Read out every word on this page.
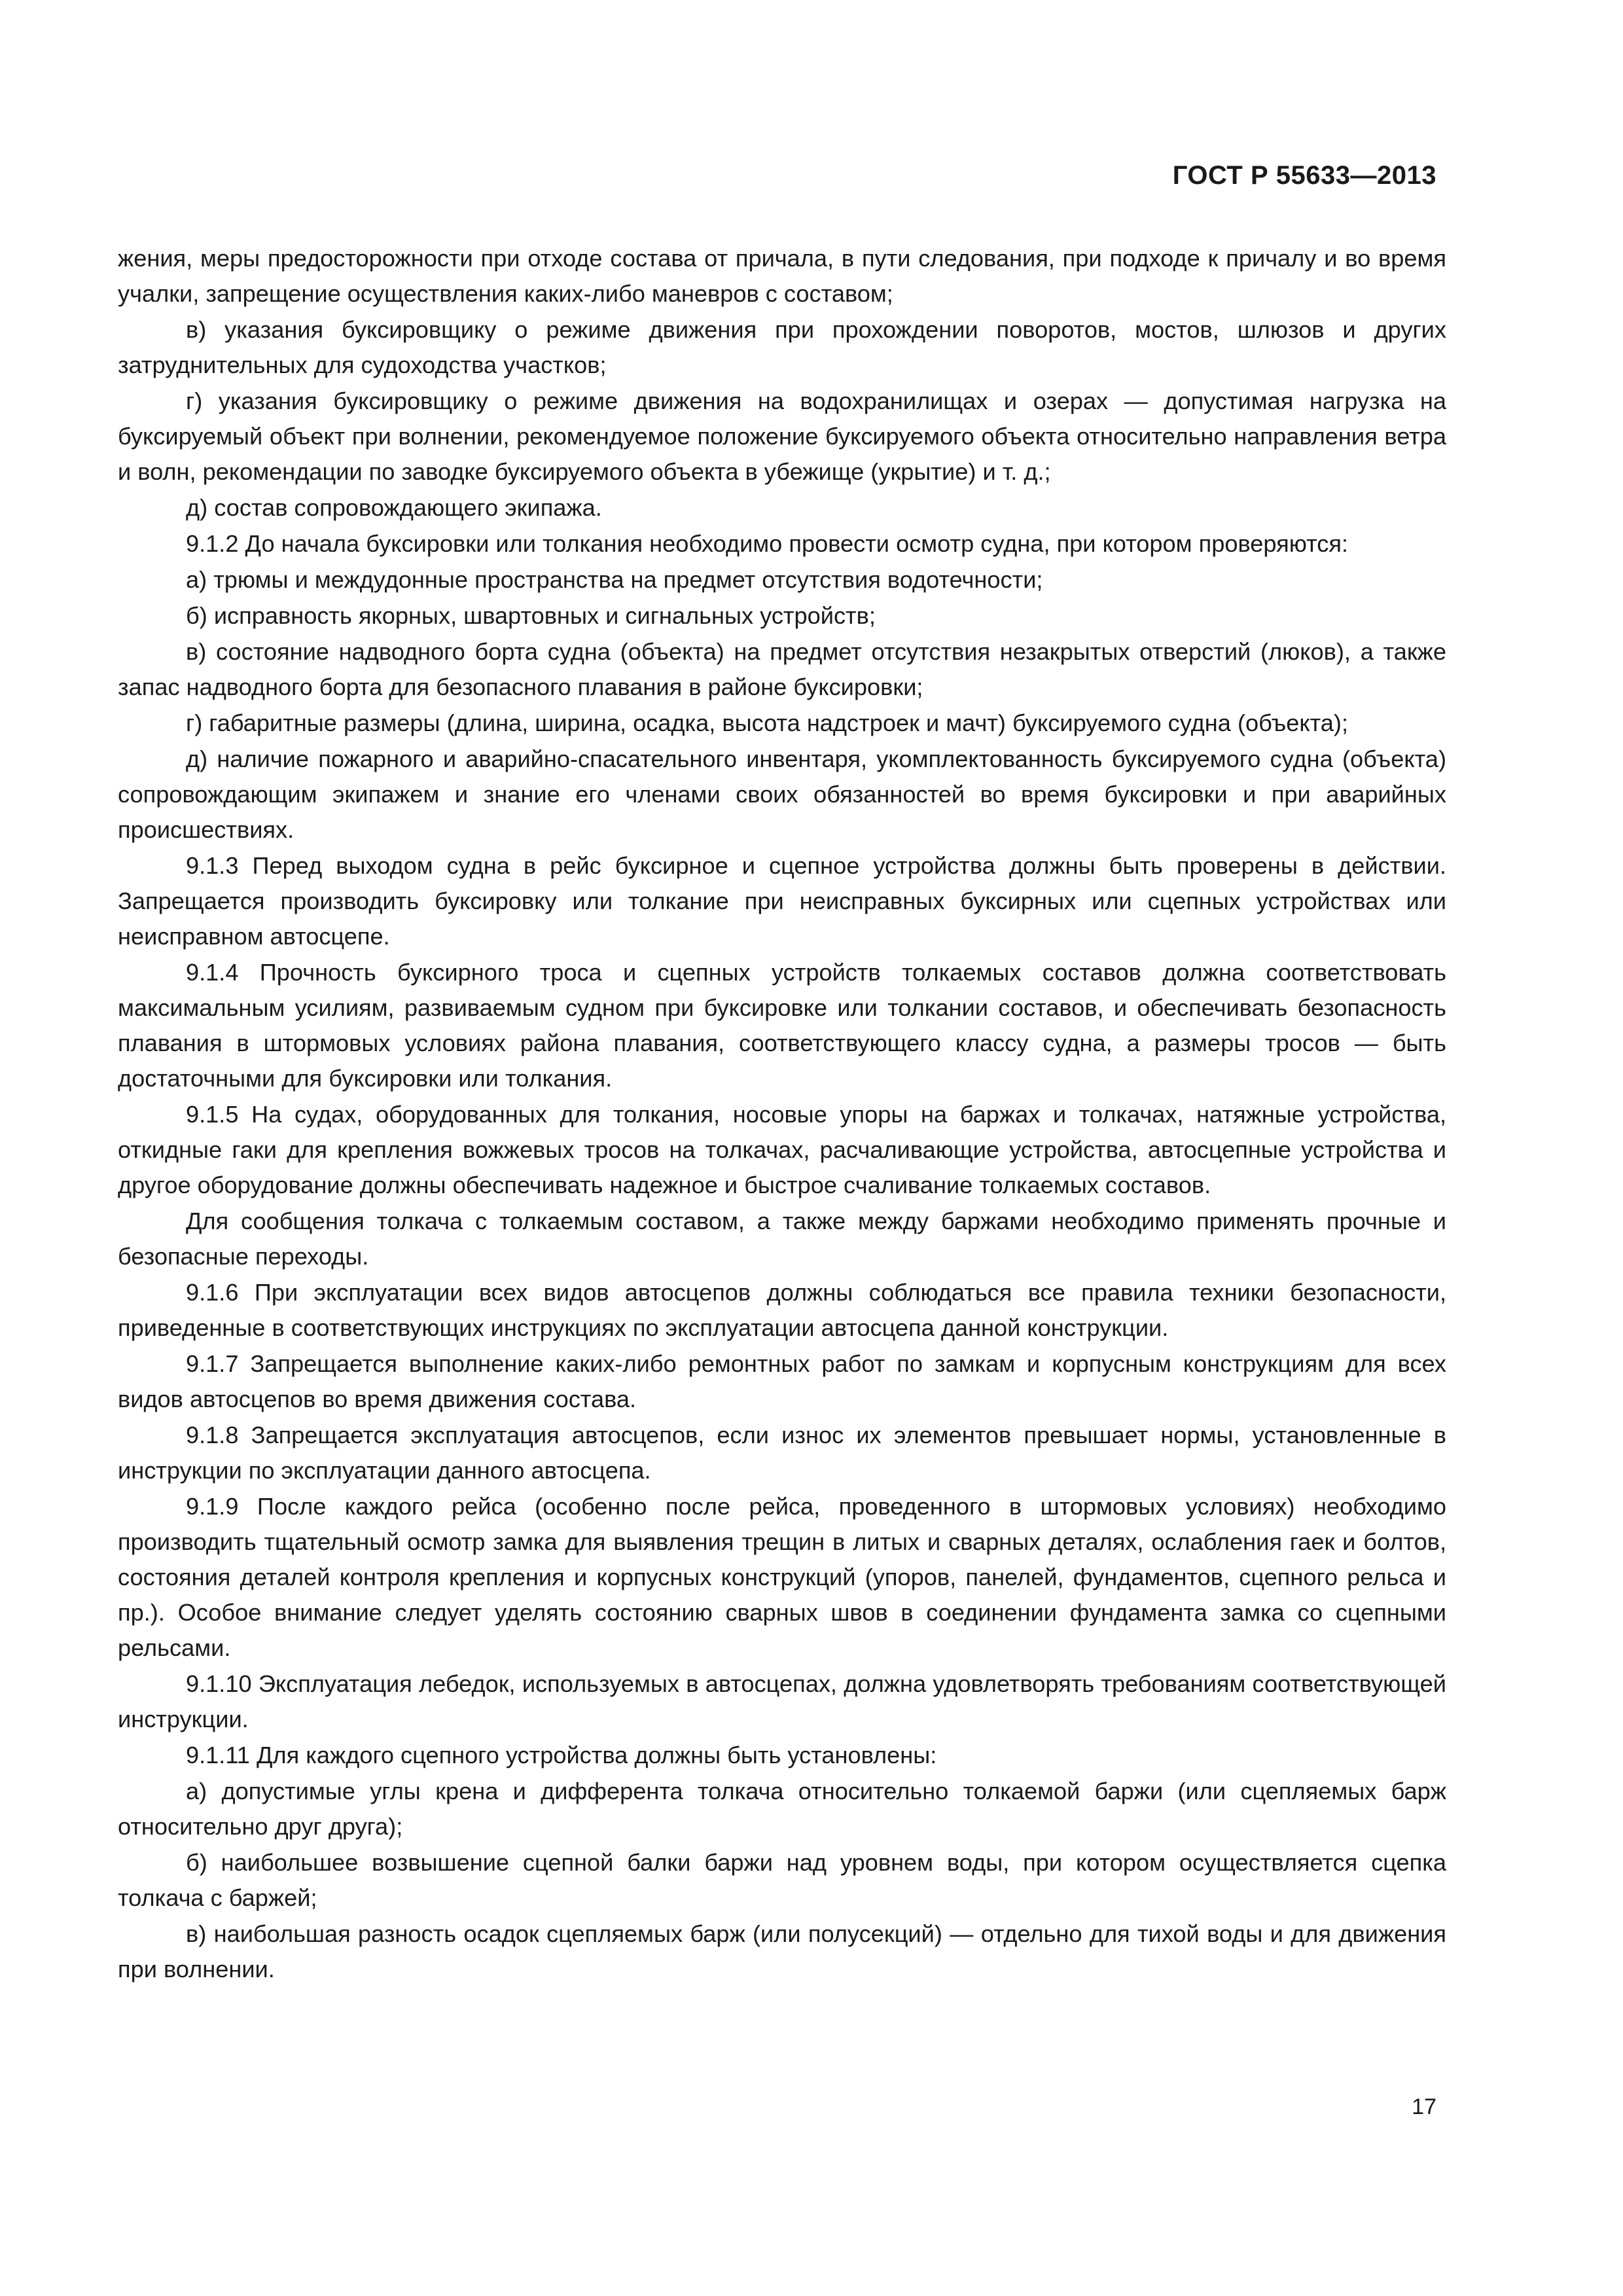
ГОСТ Р 55633—2013

жения, меры предосторожности при отходе состава от причала, в пути следования, при подходе к причалу и во время учалки, запрещение осуществления каких-либо маневров с составом;

в) указания буксировщику о режиме движения при прохождении поворотов, мостов, шлюзов и других затруднительных для судоходства участков;

г) указания буксировщику о режиме движения на водохранилищах и озерах — допустимая нагрузка на буксируемый объект при волнении, рекомендуемое положение буксируемого объекта относительно направления ветра и волн, рекомендации по заводке буксируемого объекта в убежище (укрытие) и т. д.;

д) состав сопровождающего экипажа.

9.1.2 До начала буксировки или толкания необходимо провести осмотр судна, при котором проверяются:

а) трюмы и междудонные пространства на предмет отсутствия водотечности;

б) исправность якорных, швартовных и сигнальных устройств;

в) состояние надводного борта судна (объекта) на предмет отсутствия незакрытых отверстий (люков), а также запас надводного борта для безопасного плавания в районе буксировки;

г) габаритные размеры (длина, ширина, осадка, высота надстроек и мачт) буксируемого судна (объекта);

д) наличие пожарного и аварийно-спасательного инвентаря, укомплектованность буксируемого судна (объекта) сопровождающим экипажем и знание его членами своих обязанностей во время буксировки и при аварийных происшествиях.

9.1.3 Перед выходом судна в рейс буксирное и сцепное устройства должны быть проверены в действии. Запрещается производить буксировку или толкание при неисправных буксирных или сцепных устройствах или неисправном автосцепе.

9.1.4 Прочность буксирного троса и сцепных устройств толкаемых составов должна соответствовать максимальным усилиям, развиваемым судном при буксировке или толкании составов, и обеспечивать безопасность плавания в штормовых условиях района плавания, соответствующего классу судна, а размеры тросов — быть достаточными для буксировки или толкания.

9.1.5 На судах, оборудованных для толкания, носовые упоры на баржах и толкачах, натяжные устройства, откидные гаки для крепления вожжевых тросов на толкачах, расчаливающие устройства, автосцепные устройства и другое оборудование должны обеспечивать надежное и быстрое счаливание толкаемых составов.

Для сообщения толкача с толкаемым составом, а также между баржами необходимо применять прочные и безопасные переходы.

9.1.6 При эксплуатации всех видов автосцепов должны соблюдаться все правила техники безопасности, приведенные в соответствующих инструкциях по эксплуатации автосцепа данной конструкции.

9.1.7 Запрещается выполнение каких-либо ремонтных работ по замкам и корпусным конструкциям для всех видов автосцепов во время движения состава.

9.1.8 Запрещается эксплуатация автосцепов, если износ их элементов превышает нормы, установленные в инструкции по эксплуатации данного автосцепа.

9.1.9 После каждого рейса (особенно после рейса, проведенного в штормовых условиях) необходимо производить тщательный осмотр замка для выявления трещин в литых и сварных деталях, ослабления гаек и болтов, состояния деталей контроля крепления и корпусных конструкций (упоров, панелей, фундаментов, сцепного рельса и пр.). Особое внимание следует уделять состоянию сварных швов в соединении фундамента замка со сцепными рельсами.

9.1.10 Эксплуатация лебедок, используемых в автосцепах, должна удовлетворять требованиям соответствующей инструкции.

9.1.11 Для каждого сцепного устройства должны быть установлены:

а) допустимые углы крена и дифферента толкача относительно толкаемой баржи (или сцепляемых барж относительно друг друга);

б) наибольшее возвышение сцепной балки баржи над уровнем воды, при котором осуществляется сцепка толкача с баржей;

в) наибольшая разность осадок сцепляемых барж (или полусекций) — отдельно для тихой воды и для движения при волнении.

17
